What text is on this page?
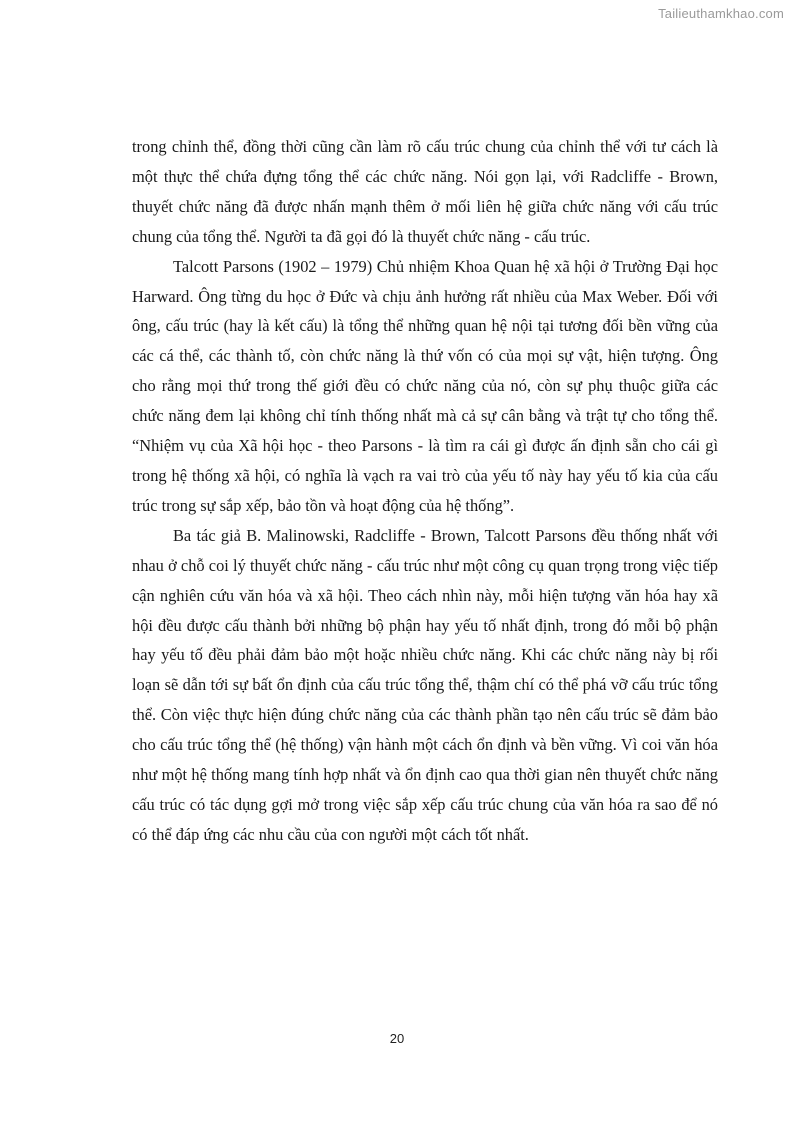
Tailieuthamkhao.com

trong chỉnh thể, đồng thời cũng cần làm rõ cấu trúc chung của chỉnh thể với tư cách là một thực thể chứa đựng tổng thể các chức năng. Nói gọn lại, với Radcliffe - Brown, thuyết chức năng đã được nhấn mạnh thêm ở mối liên hệ giữa chức năng với cấu trúc chung của tổng thể. Người ta đã gọi đó là thuyết chức năng - cấu trúc.

Talcott Parsons (1902 – 1979) Chủ nhiệm Khoa Quan hệ xã hội ở Trường Đại học Harward. Ông từng du học ở Đức và chịu ảnh hưởng rất nhiều của Max Weber. Đối với ông, cấu trúc (hay là kết cấu) là tổng thể những quan hệ nội tại tương đối bền vững của các cá thể, các thành tố, còn chức năng là thứ vốn có của mọi sự vật, hiện tượng. Ông cho rằng mọi thứ trong thế giới đều có chức năng của nó, còn sự phụ thuộc giữa các chức năng đem lại không chỉ tính thống nhất mà cả sự cân bằng và trật tự cho tổng thể. “Nhiệm vụ của Xã hội học - theo Parsons - là tìm ra cái gì được ấn định sẵn cho cái gì trong hệ thống xã hội, có nghĩa là vạch ra vai trò của yếu tố này hay yếu tố kia của cấu trúc trong sự sắp xếp, bảo tồn và hoạt động của hệ thống”.

Ba tác giả B. Malinowski, Radcliffe - Brown, Talcott Parsons đều thống nhất với nhau ở chỗ coi lý thuyết chức năng - cấu trúc như một công cụ quan trọng trong việc tiếp cận nghiên cứu văn hóa và xã hội. Theo cách nhìn này, mỗi hiện tượng văn hóa hay xã hội đều được cấu thành bởi những bộ phận hay yếu tố nhất định, trong đó mỗi bộ phận hay yếu tố đều phải đảm bảo một hoặc nhiều chức năng. Khi các chức năng này bị rối loạn sẽ dẫn tới sự bất ổn định của cấu trúc tổng thể, thậm chí có thể phá vỡ cấu trúc tổng thể. Còn việc thực hiện đúng chức năng của các thành phần tạo nên cấu trúc sẽ đảm bảo cho cấu trúc tổng thể (hệ thống) vận hành một cách ổn định và bền vững. Vì coi văn hóa như một hệ thống mang tính hợp nhất và ổn định cao qua thời gian nên thuyết chức năng cấu trúc có tác dụng gợi mở trong việc sắp xếp cấu trúc chung của văn hóa ra sao để nó có thể đáp ứng các nhu cầu của con người một cách tốt nhất.

20
